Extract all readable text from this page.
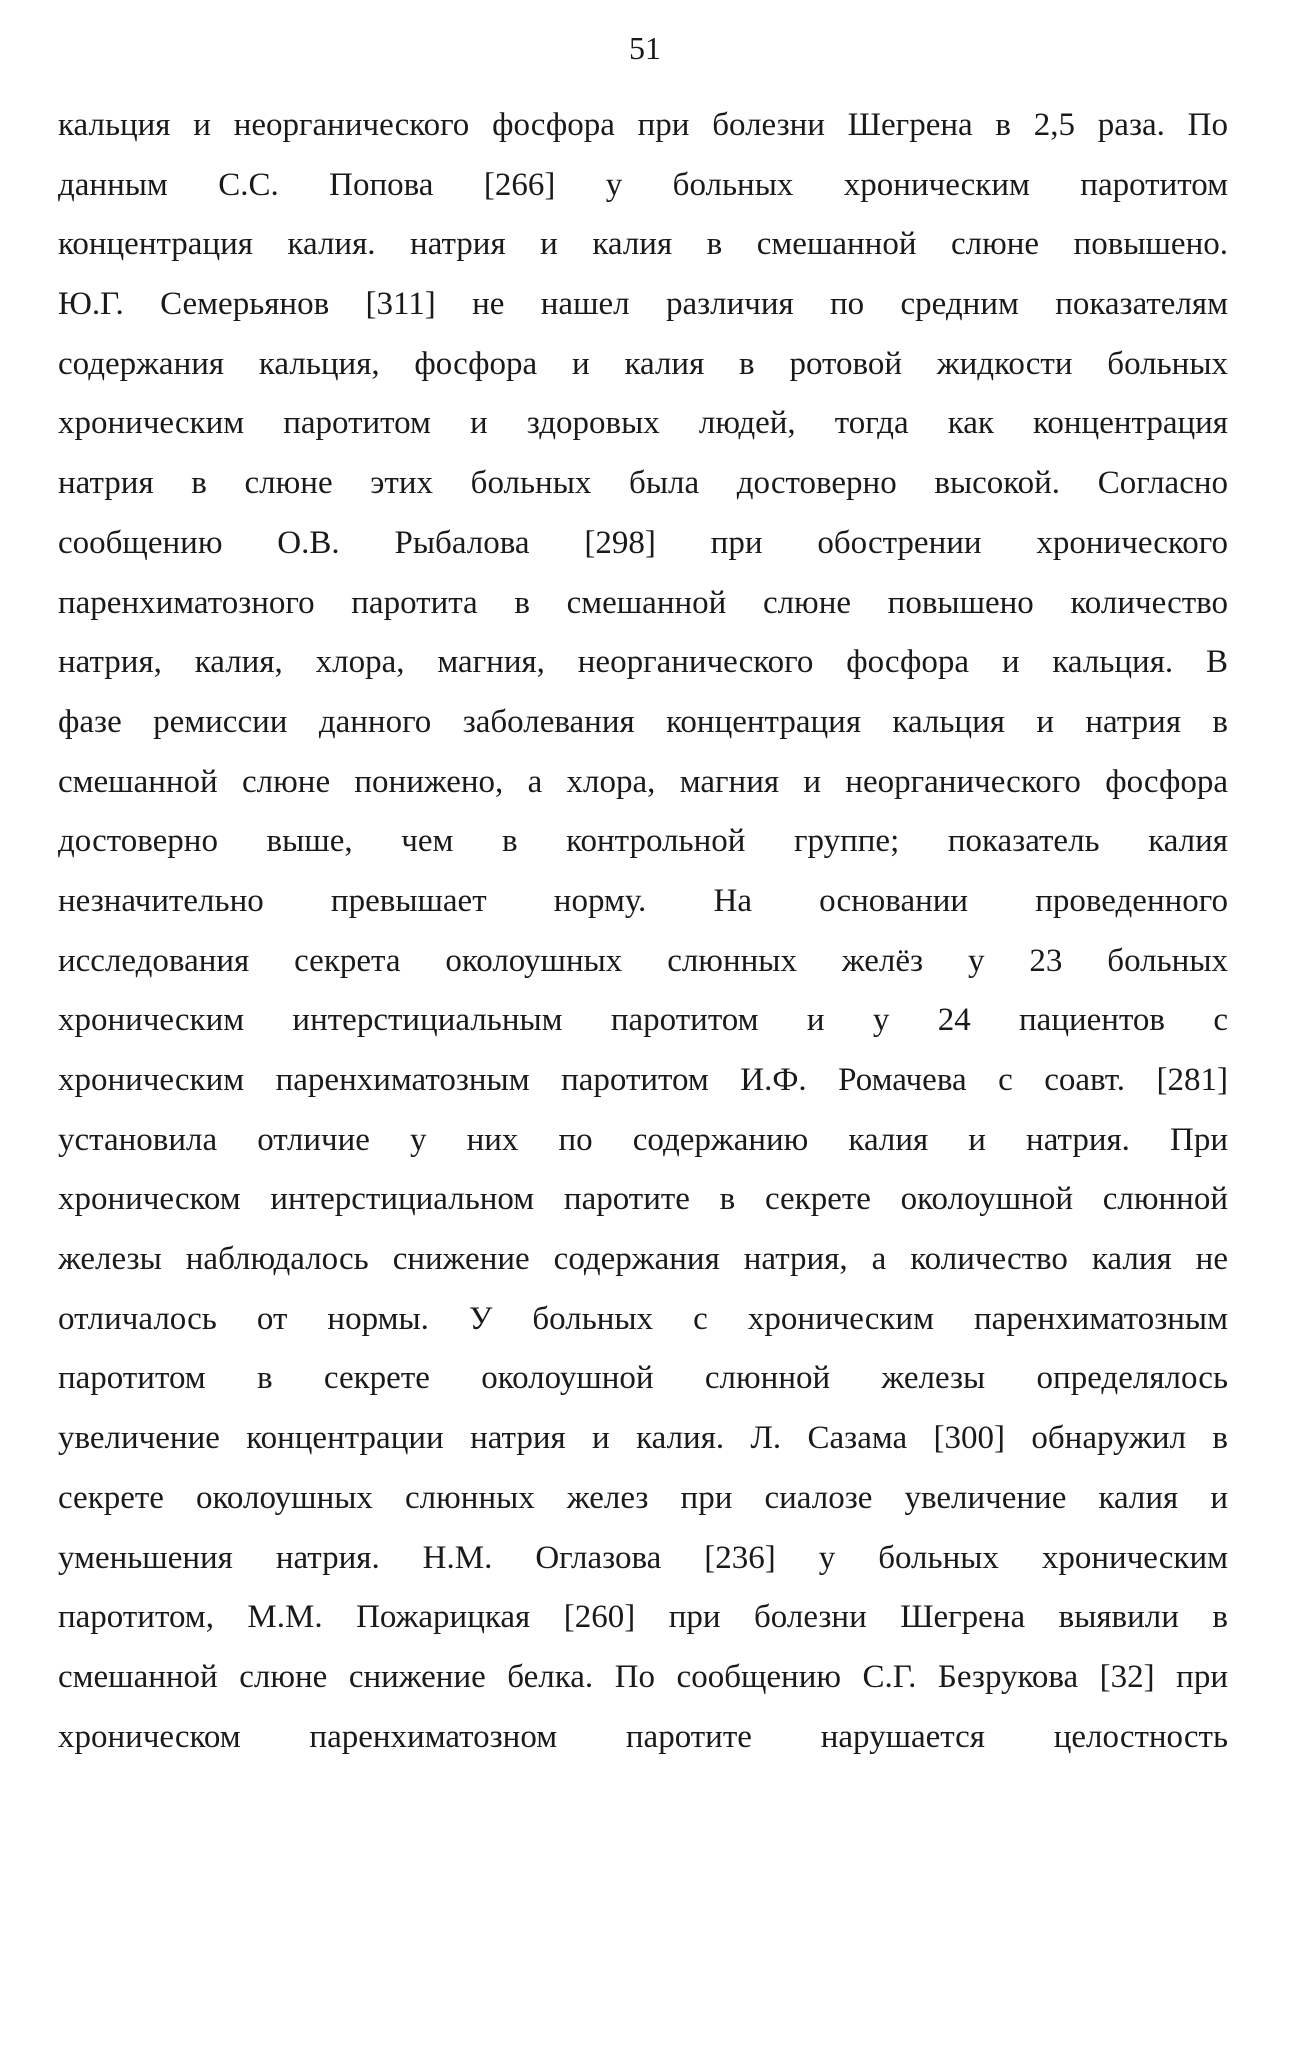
51
кальция и неорганического фосфора при болезни Шегрена в 2,5 раза. По
данным С.С. Попова [266] у больных хроническим паротитом
концентрация калия. натрия и калия в смешанной слюне повышено.
Ю.Г. Семерьянов [311] не нашел различия по средним показателям
содержания кальция, фосфора и калия в ротовой жидкости больных
хроническим паротитом и здоровых людей, тогда как концентрация
натрия в слюне этих больных была достоверно высокой. Согласно
сообщению О.В. Рыбалова [298] при обострении хронического
паренхиматозного паротита в смешанной слюне повышено количество
натрия, калия, хлора, магния, неорганического фосфора и кальция. В
фазе ремиссии данного заболевания концентрация кальция и натрия в
смешанной слюне понижено, а хлора, магния и неорганического фосфора
достоверно выше, чем в контрольной группе; показатель калия
незначительно превышает норму. На основании проведенного
исследования секрета околоушных слюнных желёз у 23 больных
хроническим интерстициальным паротитом и у 24 пациентов с
хроническим паренхиматозным паротитом И.Ф. Ромачева с соавт. [281]
установила отличие у них по содержанию калия и натрия. При
хроническом интерстициальном паротите в секрете околоушной слюнной
железы наблюдалось снижение содержания натрия, а количество калия не
отличалось от нормы. У больных с хроническим паренхиматозным
паротитом в секрете околоушной слюнной железы определялось
увеличение концентрации натрия и калия. Л. Сазама [300] обнаружил в
секрете околоушных слюнных желез при сиалозе увеличение калия и
уменьшения натрия. Н.М. Оглазова [236] у больных хроническим
паротитом, М.М. Пожарицкая [260] при болезни Шегрена выявили в
смешанной слюне снижение белка. По сообщению С.Г. Безрукова [32] при
хроническом паренхиматозном паротите нарушается целостность
